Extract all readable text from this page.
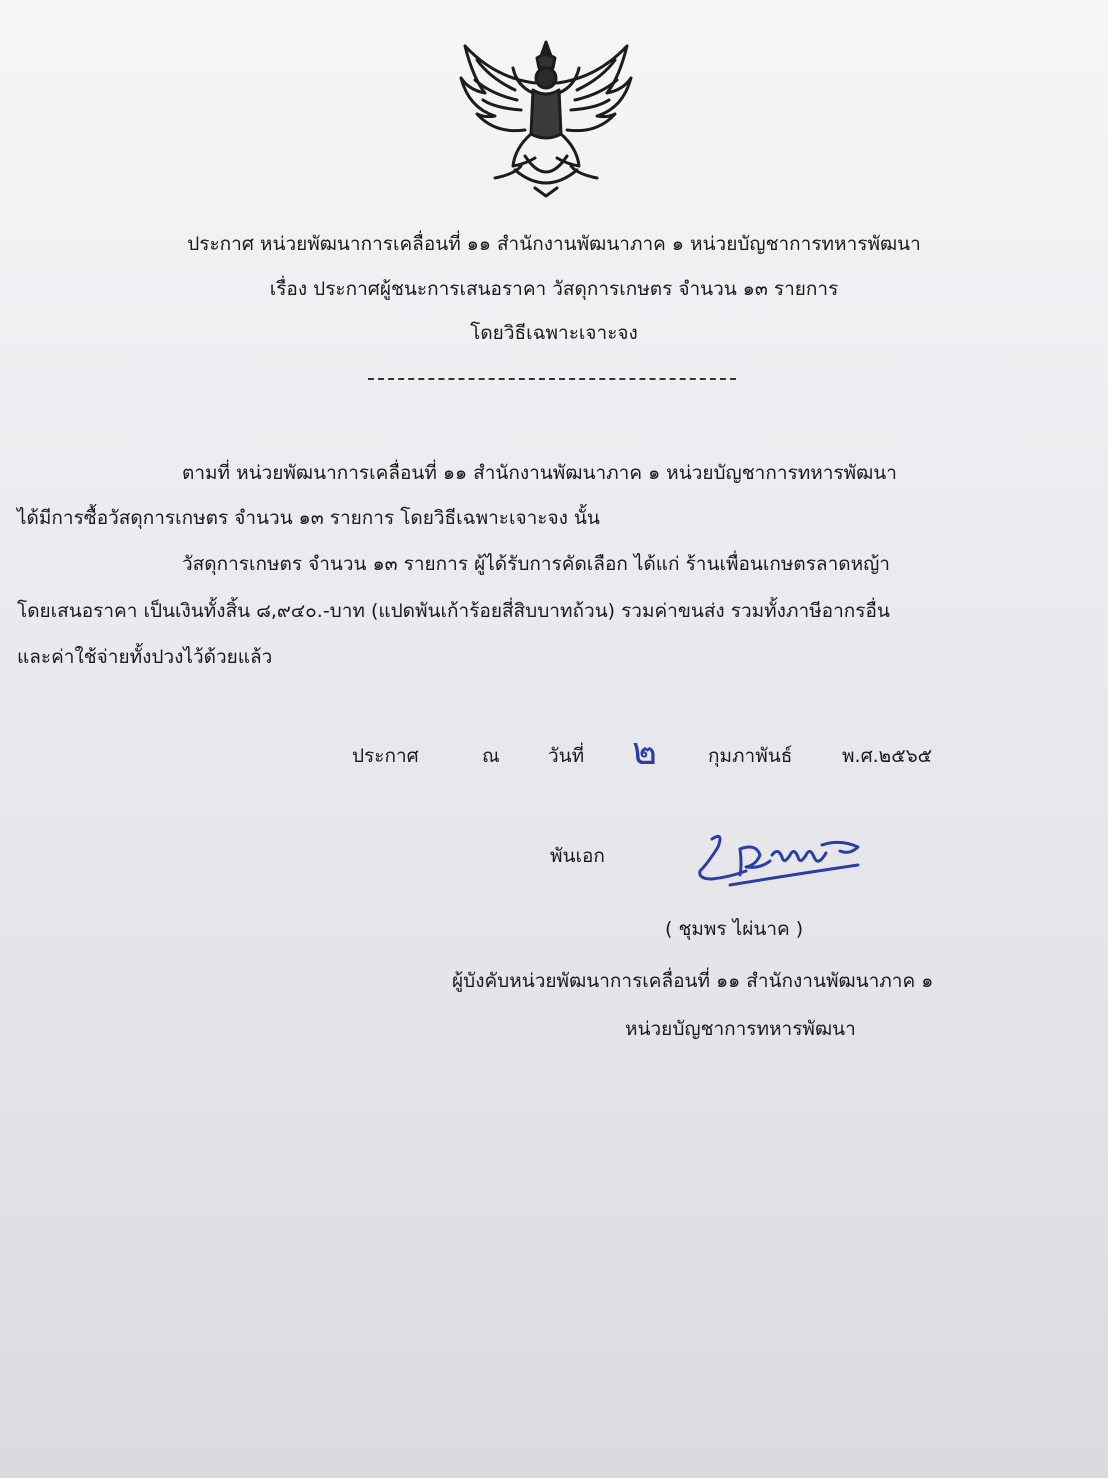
ประกาศ หน่วยพัฒนาการเคลื่อนที่ ๑๑ สำนักงานพัฒนาภาค ๑ หน่วยบัญชาการทหารพัฒนา
เรื่อง ประกาศผู้ชนะการเสนอราคา วัสดุการเกษตร จำนวน ๑๓ รายการ
โดยวิธีเฉพาะเจาะจง
ตามที่ หน่วยพัฒนาการเคลื่อนที่ ๑๑ สำนักงานพัฒนาภาค ๑ หน่วยบัญชาการทหารพัฒนา
ได้มีการซื้อวัสดุการเกษตร จำนวน ๑๓ รายการ โดยวิธีเฉพาะเจาะจง นั้น
วัสดุการเกษตร จำนวน ๑๓ รายการ ผู้ได้รับการคัดเลือก ได้แก่ ร้านเพื่อนเกษตรลาดหญ้า
โดยเสนอราคา เป็นเงินทั้งสิ้น ๘,๙๔๐.-บาท (แปดพันเก้าร้อยสี่สิบบาทถ้วน) รวมค่าขนส่ง รวมทั้งภาษีอากรอื่น
และค่าใช้จ่ายทั้งปวงไว้ด้วยแล้ว
ประกาศ	ณ	วันที่ ๒	กุมภาพันธ์	พ.ศ.๒๕๖๕
พันเอก
( ชุมพร ไผ่นาค )
ผู้บังคับหน่วยพัฒนาการเคลื่อนที่ ๑๑ สำนักงานพัฒนาภาค ๑
หน่วยบัญชาการทหารพัฒนา
